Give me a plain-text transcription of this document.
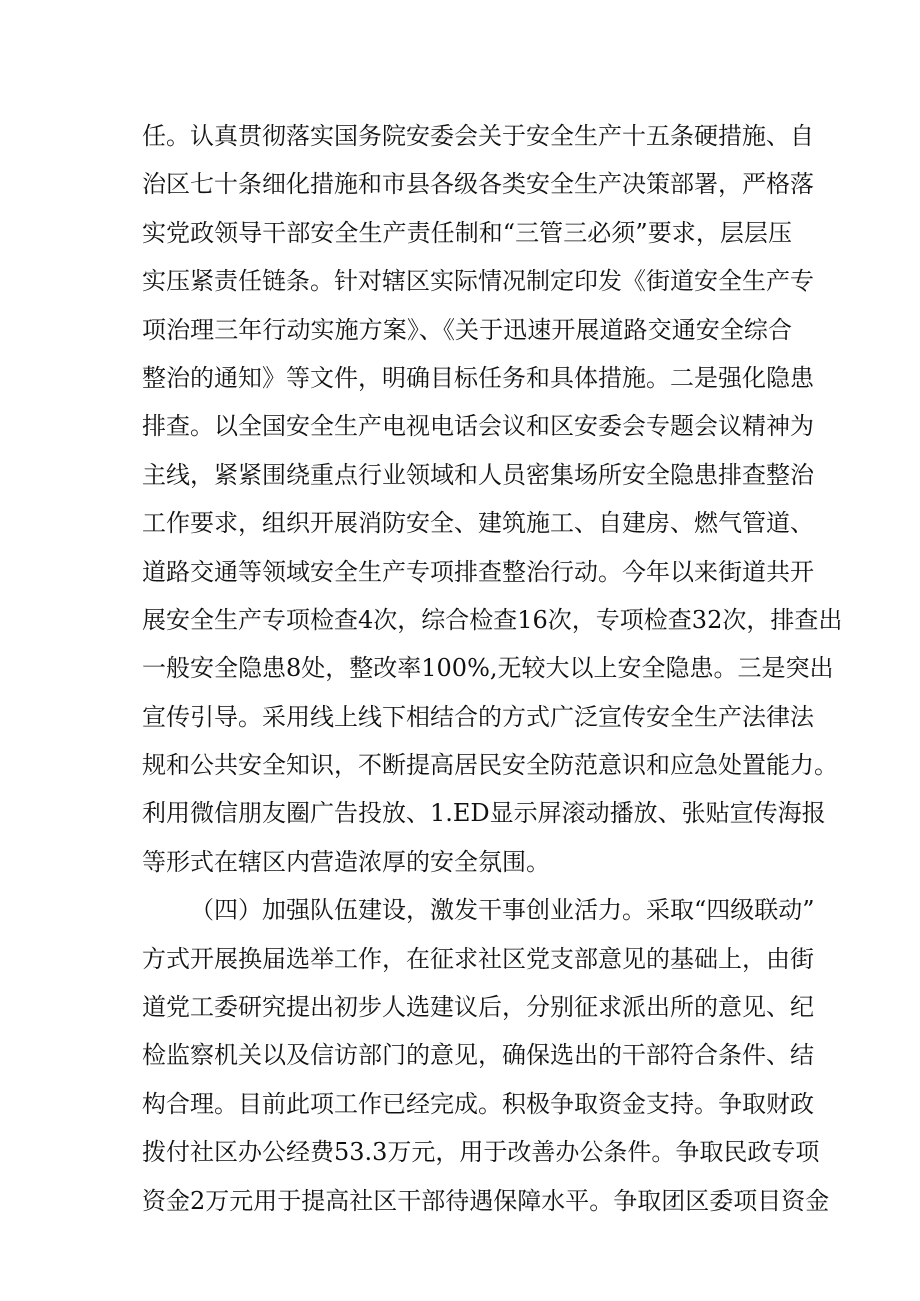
任。认真贯彻落实国务院安委会关于安全生产十五条硬措施、自
治区七十条细化措施和市县各级各类安全生产决策部署，严格落
实党政领导干部安全生产责任制和“三管三必须”要求，层层压
实压紧责任链条。针对辖区实际情况制定印发《街道安全生产专
项治理三年行动实施方案》、《关于迅速开展道路交通安全综合
整治的通知》等文件，明确目标任务和具体措施。二是强化隐患
排查。以全国安全生产电视电话会议和区安委会专题会议精神为
主线，紧紧围绕重点行业领域和人员密集场所安全隐患排查整治
工作要求，组织开展消防安全、建筑施工、自建房、燃气管道、
道路交通等领域安全生产专项排查整治行动。今年以来街道共开
展安全生产专项检查4次，综合检查16次，专项检查32次，排查出
一般安全隐患8处，整改率100%,无较大以上安全隐患。三是突出
宣传引导。采用线上线下相结合的方式广泛宣传安全生产法律法
规和公共安全知识，不断提高居民安全防范意识和应急处置能力。
利用微信朋友圈广告投放、1.ED显示屏滚动播放、张贴宣传海报
等形式在辖区内营造浓厚的安全氛围。
（四）加强队伍建设，激发干事创业活力。采取“四级联动”
方式开展换届选举工作，在征求社区党支部意见的基础上，由街
道党工委研究提出初步人选建议后，分别征求派出所的意见、纪
检监察机关以及信访部门的意见，确保选出的干部符合条件、结
构合理。目前此项工作已经完成。积极争取资金支持。争取财政
拨付社区办公经费53.3万元，用于改善办公条件。争取民政专项
资金2万元用于提高社区干部待遇保障水平。争取团区委项目资金
